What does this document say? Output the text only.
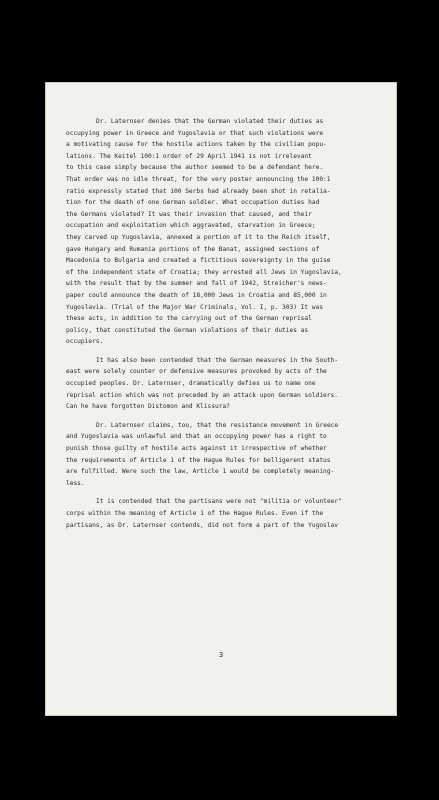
Dr. Laternser denies that the German violated their duties as
occupying power in Greece and Yugoslavia or that such violations were
a motivating cause for the hostile actions taken by the civilian popu-
lations. The Keitel 100:1 order of 29 April 1941 is not irrelevant
to this case simply because the author seemed to be a defendant here.
That order was no idle threat, for the very poster announcing the 100:1
ratio expressly stated that 100 Serbs had already been shot in retalia-
tion for the death of one German soldier. What occupation duties had
the Germans violated? It was their invasion that caused, and their
occupation and exploitation which aggravated, starvation in Greece;
they carved up Yugoslavia, annexed a portion of it to the Reich itself,
gave Hungary and Rumania portions of the Banat, assigned sections of
Macedonia to Bulgaria and created a fictitious sovereignty in the guise
of the independent state of Croatia; they arrested all Jews in Yugoslavia,
with the result that by the summer and fall of 1942, Streicher's news-
paper could announce the death of 18,000 Jews in Croatia and 85,000 in
Yugoslavia. (Trial of the Major War Criminals, Vol. I, p. 303) It was
these acts, in addition to the carrying out of the German reprisal
policy, that constituted the German violations of their duties as
occupiers.
It has also been contended that the German measures in the South-
east were solely counter or defensive measures provoked by acts of the
occupied peoples. Dr. Laternser, dramatically defies us to name one
reprisal action which was not preceded by an attack upon German soldiers.
Can he have forgotten Distomon and Klissura?
Dr. Laternser claims, too, that the resistance movement in Greece
and Yugoslavia was unlawful and that an occupying power has a right to
punish those guilty of hostile acts against it irrespective of whether
the requirements of Article 1 of the Hague Rules for belligerent status
are fulfilled. Were such the law, Article 1 would be completely meaning-
less.
It is contended that the partisans were not "militia or volunteer"
corps within the meaning of Article 1 of the Hague Rules. Even if the
partisans, as Dr. Laternser contends, did not form a part of the Yugoslav
3
